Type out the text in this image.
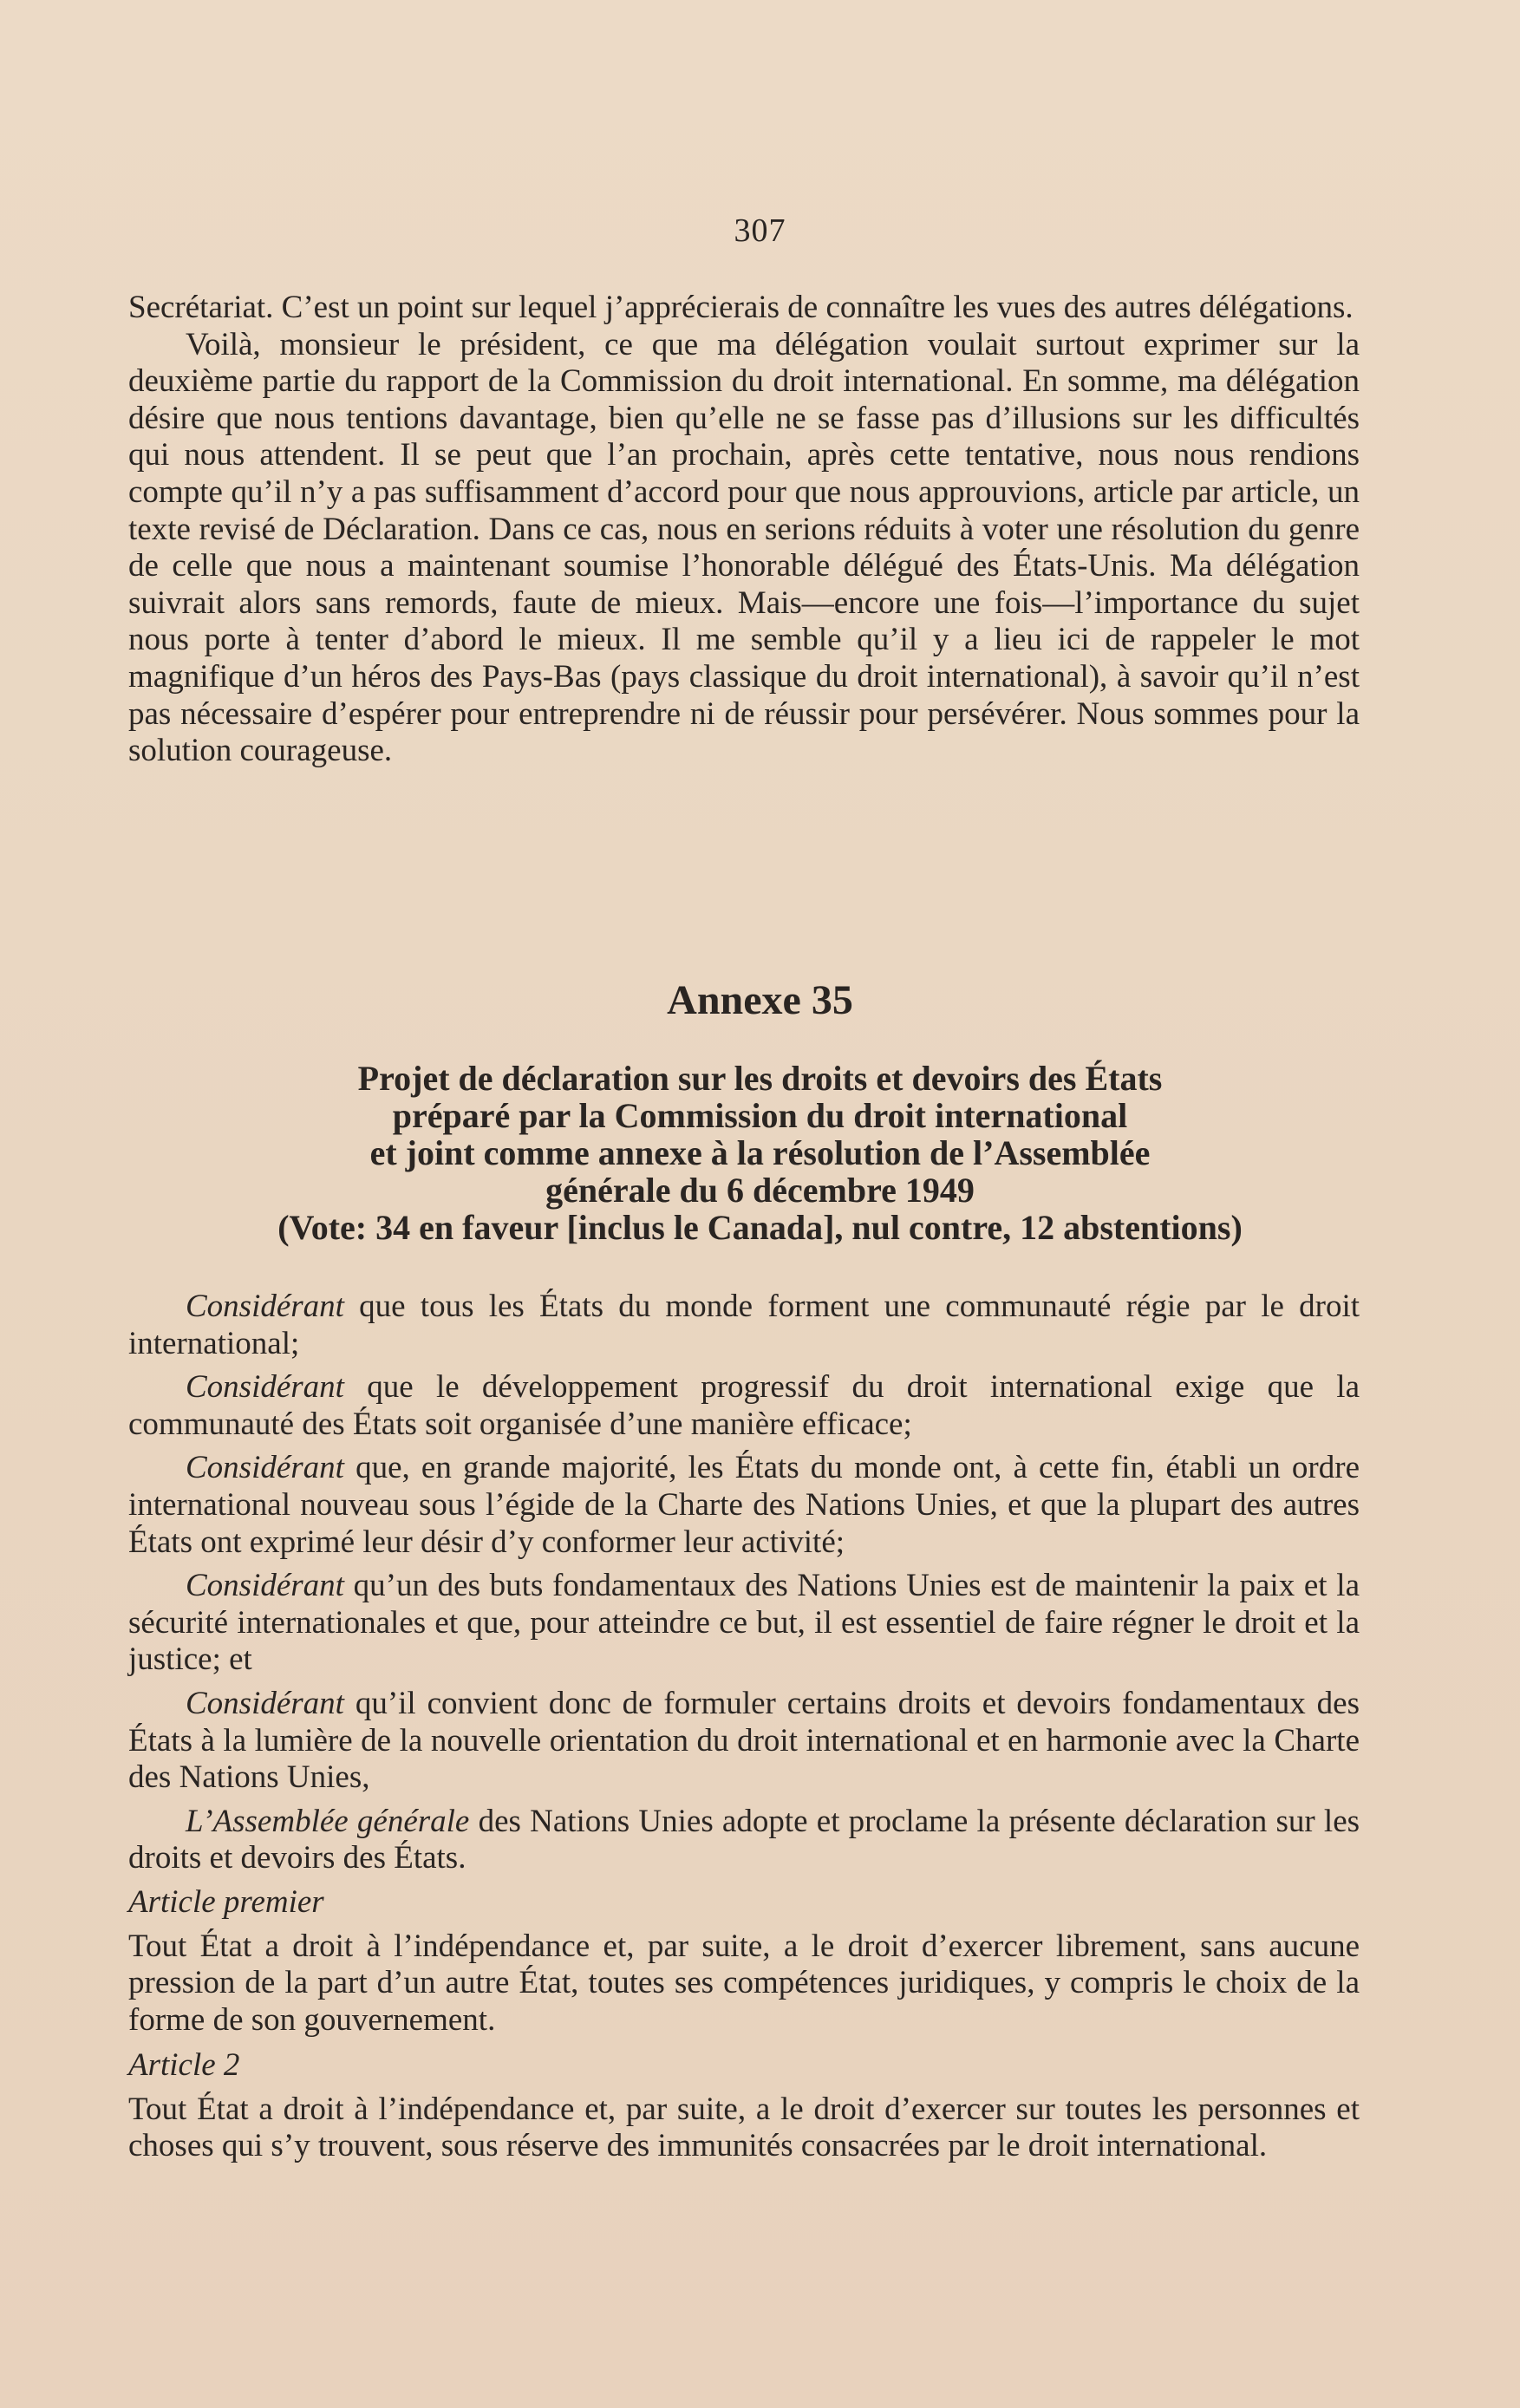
307

Secrétariat. C’est un point sur lequel j’apprécierais de connaître les vues des autres délégations.

Voilà, monsieur le président, ce que ma délégation voulait surtout exprimer sur la deuxième partie du rapport de la Commission du droit international. En somme, ma délégation désire que nous tentions davantage, bien qu’elle ne se fasse pas d’illusions sur les difficultés qui nous attendent. Il se peut que l’an prochain, après cette tentative, nous nous rendions compte qu’il n’y a pas suffisamment d’accord pour que nous approuvions, article par article, un texte revisé de Déclaration. Dans ce cas, nous en serions réduits à voter une résolution du genre de celle que nous a maintenant soumise l’honorable délégué des États-Unis. Ma délégation suivrait alors sans remords, faute de mieux. Mais—encore une fois—l’importance du sujet nous porte à tenter d’abord le mieux. Il me semble qu’il y a lieu ici de rappeler le mot magnifique d’un héros des Pays-Bas (pays classique du droit international), à savoir qu’il n’est pas nécessaire d’espérer pour entreprendre ni de réussir pour persévérer. Nous sommes pour la solution courageuse.

Annexe 35
Projet de déclaration sur les droits et devoirs des États
préparé par la Commission du droit international
et joint comme annexe à la résolution de l’Assemblée
générale du 6 décembre 1949
(Vote: 34 en faveur [inclus le Canada], nul contre, 12 abstentions)

Considérant que tous les États du monde forment une communauté régie par le droit international;

Considérant que le développement progressif du droit international exige que la communauté des États soit organisée d’une manière efficace;

Considérant que, en grande majorité, les États du monde ont, à cette fin, établi un ordre international nouveau sous l’égide de la Charte des Nations Unies, et que la plupart des autres États ont exprimé leur désir d’y conformer leur activité;

Considérant qu’un des buts fondamentaux des Nations Unies est de maintenir la paix et la sécurité internationales et que, pour atteindre ce but, il est essentiel de faire régner le droit et la justice; et

Considérant qu’il convient donc de formuler certains droits et devoirs fondamentaux des États à la lumière de la nouvelle orientation du droit international et en harmonie avec la Charte des Nations Unies,

L’Assemblée générale des Nations Unies adopte et proclame la présente déclaration sur les droits et devoirs des États.

Article premier

Tout État a droit à l’indépendance et, par suite, a le droit d’exercer librement, sans aucune pression de la part d’un autre État, toutes ses compétences juridiques, y compris le choix de la forme de son gouvernement.

Article 2

Tout État a droit à l’indépendance et, par suite, a le droit d’exercer sur toutes les personnes et choses qui s’y trouvent, sous réserve des immunités consacrées par le droit international.
